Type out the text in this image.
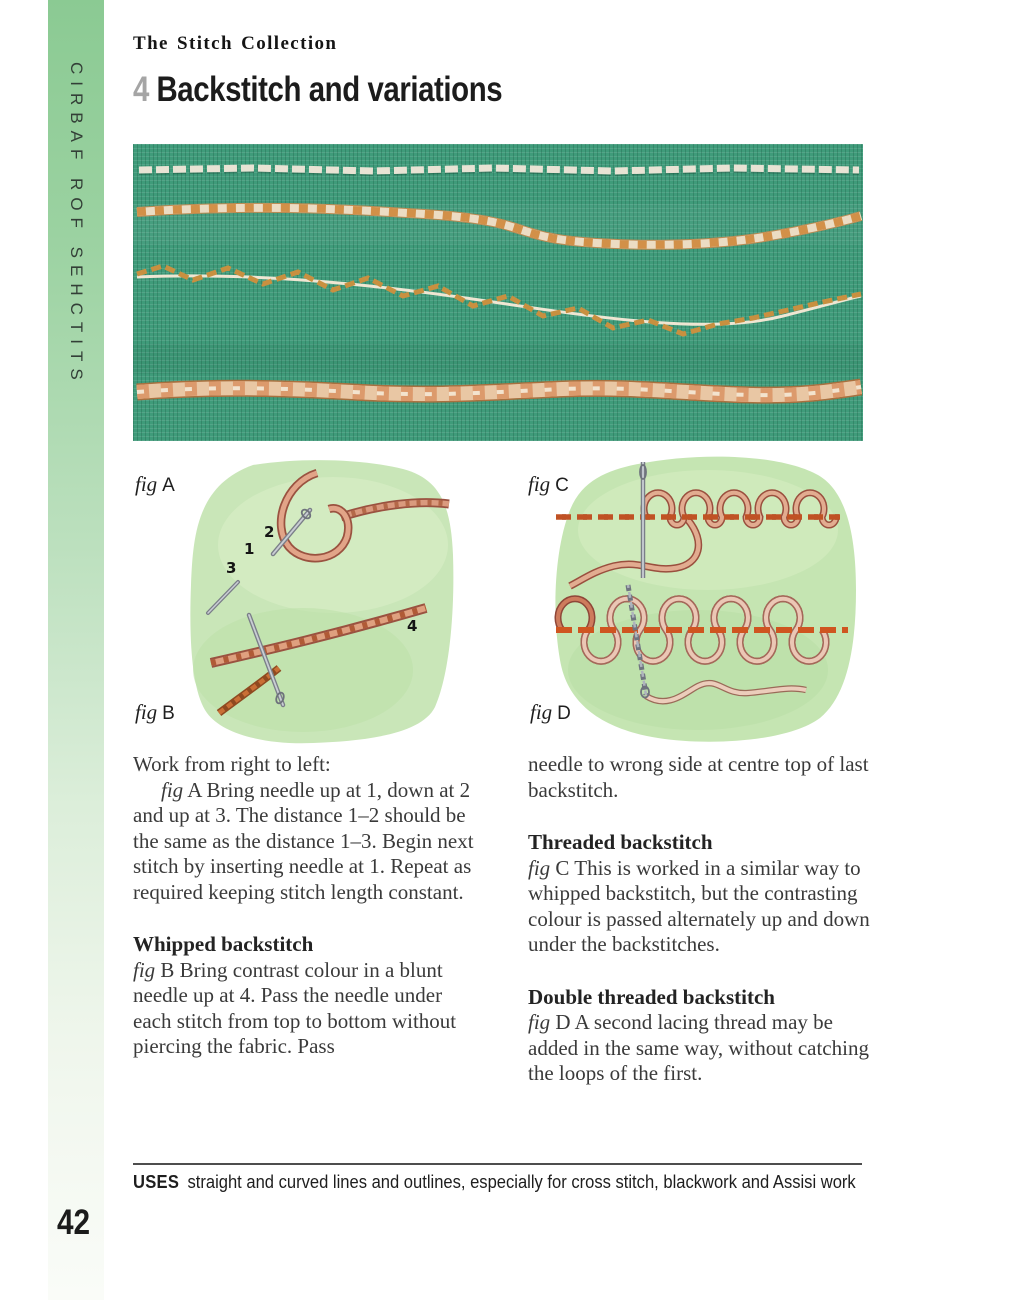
CIRBAF ROF SEHCTITS
The Stitch Collection
4 Backstitch and variations
fig A	fig C
fig B	fig D
2
1
3
4

Work from right to left:

fig A Bring needle up at 1, down at 2 and up at 3. The distance 1–2 should be the same as the distance 1–3. Begin next stitch by inserting needle at 1. Repeat as required keeping stitch length constant.

Whipped backstitch

fig B Bring contrast colour in a blunt needle up at 4. Pass the needle under each stitch from top to bottom without piercing the fabric. Pass

needle to wrong side at centre top of last backstitch.

Threaded backstitch

fig C This is worked in a similar way to whipped backstitch, but the contrasting colour is passed alternately up and down under the backstitches.

Double threaded backstitch

fig D A second lacing thread may be added in the same way, without catching the loops of the first.

USES straight and curved lines and outlines, especially for cross stitch, blackwork and Assisi work
42
